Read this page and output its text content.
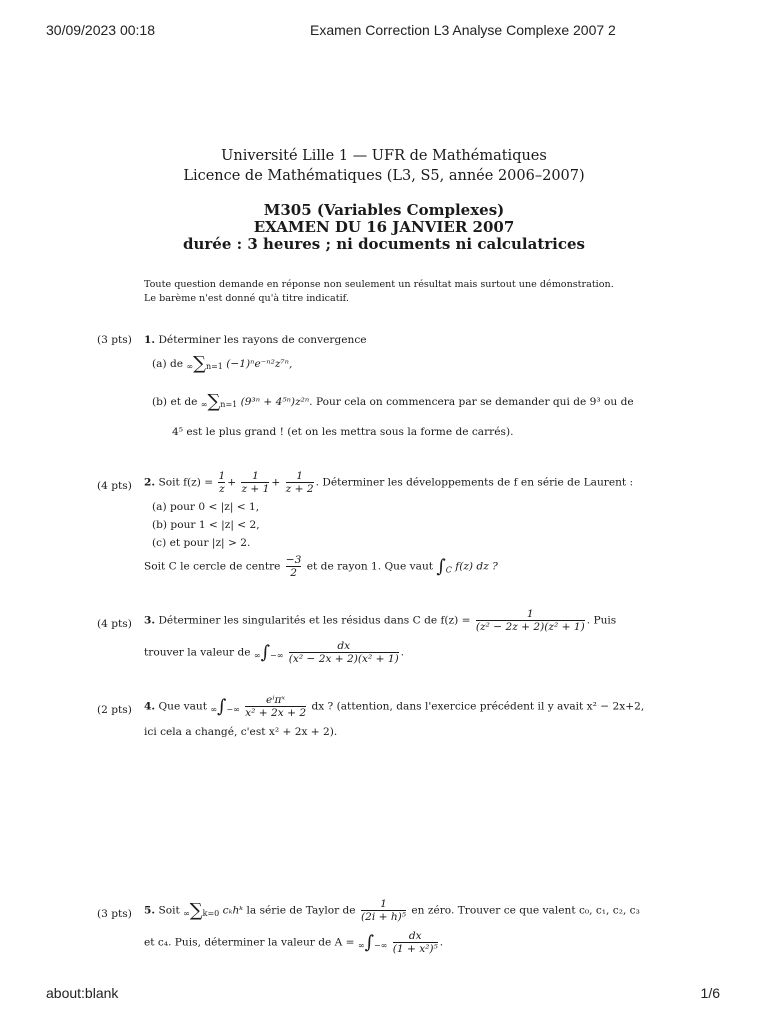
30/09/2023 00:18	Examen Correction L3 Analyse Complexe 2007 2
Université Lille 1 — UFR de Mathématiques
Licence de Mathématiques (L3, S5, année 2006–2007)
M305 (Variables Complexes)
EXAMEN DU 16 JANVIER 2007
durée : 3 heures ; ni documents ni calculatrices
Toute question demande en réponse non seulement un résultat mais surtout une démonstration. Le barème n'est donné qu'à titre indicatif.
(3 pts) 1. Déterminer les rayons de convergence
(a) de ∞∑n=1 (−1)ⁿe⁻ⁿ²z⁷ⁿ,
(b) et de ∞∑n=1 (9³ⁿ + 4⁵ⁿ)z²ⁿ. Pour cela on commencera par se demander qui de 9³ ou de
4⁵ est le plus grand ! (et on les mettra sous la forme de carrés).
(4 pts) 2. Soit $f(z) = \frac{1}{z} + \frac{1}{z + 1} + \frac{1}{z + 2}$ . Déterminer les développements de f en série de Laurent :
(a) pour 0 < |z| < 1,
(b) pour 1 < |z| < 2,
(c) et pour |z| > 2.
Soit C le cercle de centre $\frac{-3}{2}$ et de rayon 1. Que vaut $\int_C$ f(z) dz ?
(4 pts) 3. Déterminer les singularités et les résidus dans C de $f(z) = \frac{1}{\text{(z² − 2z + 2)(z² + 1)}}$ . Puis
trouver la valeur de ∞∫−∞ $\frac{dx}{\text{(x² − 2x + 2)(x² + 1)}}$ .
(2 pts) 4. Que vaut ∞∫−∞ $\frac{\text{eⁱπˣ}}{\text{x² + 2x + 2}}$ dx ? (attention, dans l'exercice précédent il y avait x² − 2x+2,
ici cela a changé, c'est x² + 2x + 2).
(3 pts) 5. Soit ∞∑k=0 cₖhᵏ la série de Taylor de $\frac{1}{\text{(2i + h)⁵}}$ en zéro. Trouver ce que valent c₀, c₁, c₂, c₃
et c₄. Puis, déterminer la valeur de A = ∞∫−∞ $\frac{dx}{\text{(1 + x²)⁵}}$ .
about:blank	1/6
